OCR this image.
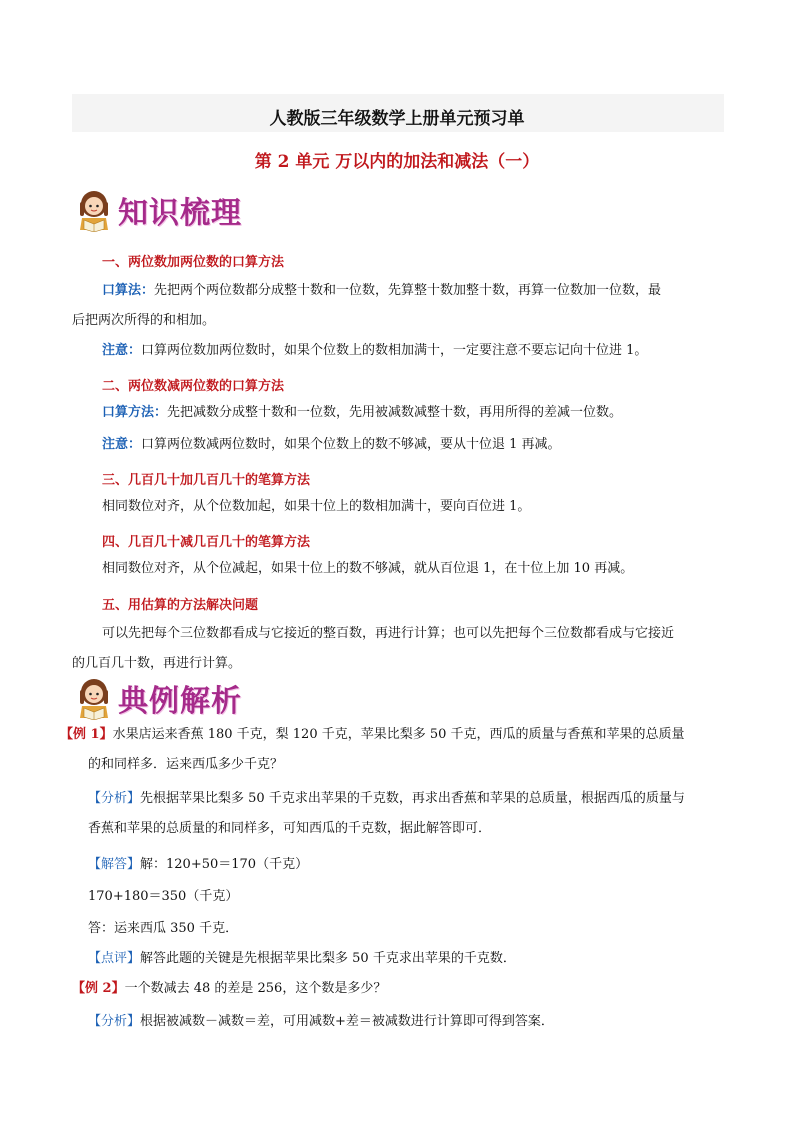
人教版三年级数学上册单元预习单
第 2 单元 万以内的加法和减法（一）
知识梳理
一、两位数加两位数的口算方法
口算法：先把两个两位数都分成整十数和一位数，先算整十数加整十数，再算一位数加一位数，最
后把两次所得的和相加。
注意：口算两位数加两位数时，如果个位数上的数相加满十，一定要注意不要忘记向十位进 1。
二、两位数减两位数的口算方法
口算方法：先把减数分成整十数和一位数，先用被减数减整十数，再用所得的差减一位数。
注意：口算两位数减两位数时，如果个位数上的数不够减，要从十位退 1 再减。
三、几百几十加几百几十的笔算方法
相同数位对齐，从个位数加起，如果十位上的数相加满十，要向百位进 1。
四、几百几十减几百几十的笔算方法
相同数位对齐，从个位减起，如果十位上的数不够减，就从百位退 1，在十位上加 10 再减。
五、用估算的方法解决问题
可以先把每个三位数都看成与它接近的整百数，再进行计算；也可以先把每个三位数都看成与它接近
的几百几十数，再进行计算。
典例解析
【例 1】水果店运来香蕉 180 千克，梨 120 千克，苹果比梨多 50 千克，西瓜的质量与香蕉和苹果的总质量
的和同样多．运来西瓜多少千克？
【分析】先根据苹果比梨多 50 千克求出苹果的千克数，再求出香蕉和苹果的总质量，根据西瓜的质量与
香蕉和苹果的总质量的和同样多，可知西瓜的千克数，据此解答即可．
【解答】解：120+50＝170（千克）
170+180＝350（千克）
答：运来西瓜 350 千克．
【点评】解答此题的关键是先根据苹果比梨多 50 千克求出苹果的千克数．
【例 2】一个数减去 48 的差是 256，这个数是多少？
【分析】根据被减数－减数＝差，可用减数+差＝被减数进行计算即可得到答案．
